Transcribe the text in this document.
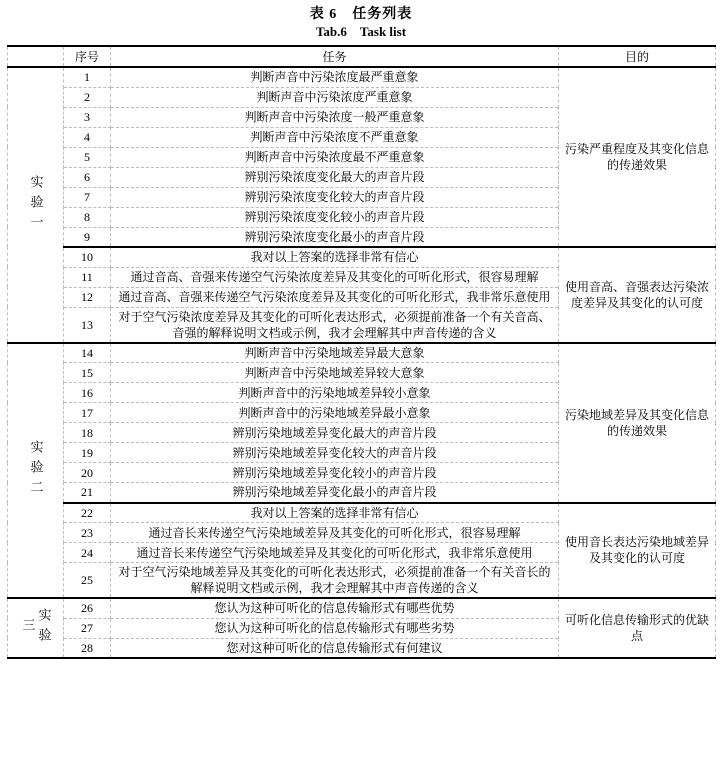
表 6　任务列表
Tab.6　Task list
	序号	任务	目的
实验一	1	判断声音中污染浓度最严重意象	污染严重程度及其变化信息的传递效果
	2	判断声音中污染浓度严重意象	
	3	判断声音中污染浓度一般严重意象	
	4	判断声音中污染浓度不严重意象	
	5	判断声音中污染浓度最不严重意象	
	6	辨别污染浓度变化最大的声音片段	
	7	辨别污染浓度变化较大的声音片段	
	8	辨别污染浓度变化较小的声音片段	
	9	辨别污染浓度变化最小的声音片段	
	10	我对以上答案的选择非常有信心	使用音高、音强表达污染浓度差异及其变化的认可度
	11	通过音高、音强来传递空气污染浓度差异及其变化的可听化形式，很容易理解	
	12	通过音高、音强来传递空气污染浓度差异及其变化的可听化形式，我非常乐意使用	
	13	对于空气污染浓度差异及其变化的可听化表达形式，必须提前准备一个有关音高、音强的解释说明文档或示例，我才会理解其中声音传递的含义	
实验二	14	判断声音中污染地域差异最大意象	污染地域差异及其变化信息的传递效果
	15	判断声音中污染地域差异较大意象	
	16	判断声音中的污染地域差异较小意象	
	17	判断声音中的污染地域差异最小意象	
	18	辨别污染地域差异变化最大的声音片段	
	19	辨别污染地域差异变化较大的声音片段	
	20	辨别污染地域差异变化较小的声音片段	
	21	辨别污染地域差异变化最小的声音片段	
	22	我对以上答案的选择非常有信心	使用音长表达污染地域差异及其变化的认可度
	23	通过音长来传递空气污染地域差异及其变化的可听化形式，很容易理解	
	24	通过音长来传递空气污染地域差异及其变化的可听化形式，我非常乐意使用	
	25	对于空气污染地域差异及其变化的可听化表达形式，必须提前准备一个有关音长的解释说明文档或示例，我才会理解其中声音传递的含义	
实验三	26	您认为这种可听化的信息传输形式有哪些优势	可听化信息传输形式的优缺点
	27	您认为这种可听化的信息传输形式有哪些劣势	
	28	您对这种可听化的信息传输形式有何建议	
